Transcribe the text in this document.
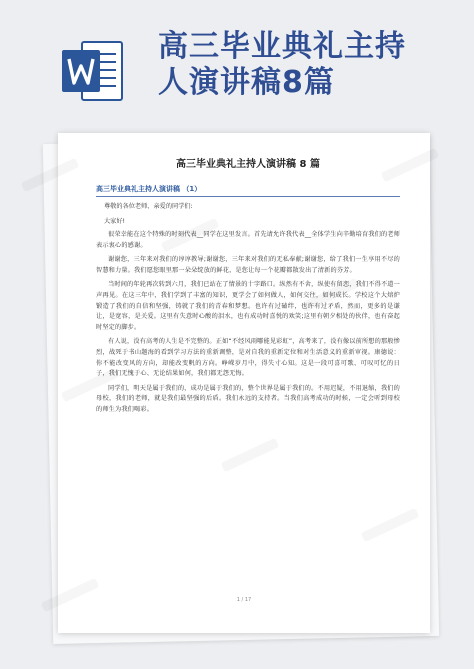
高三毕业典礼主持
人演讲稿8篇
高三毕业典礼主持人演讲稿 8 篇
高三毕业典礼主持人演讲稿 （1）
尊敬的各位老师、亲爱的同学们:
大家好!

很荣幸能在这个特殊的时刻代表__同学在这里发言。首先请允许我代表__全体学生向辛勤培育我们的老师表示衷心的感谢。

谢谢您，三年来对我们的谆谆教导;谢谢您，三年来对我们的无私奉献;谢谢您，给了我们一生享用不尽的智慧和力量。我们愿您眼里那一朵朵绽放的鲜花，是您让每一个花瓣都散发出了清新的芬芳。

当时间的年轮再次转到六月，我们已站在了情景的十字路口。纵然有不舍，纵使有留恋，我们不得不道一声再见。在这三年中，我们学到了丰富的知识，更学会了如何做人，如何交往，如何成长。学校这个大熔炉锻造了我们的自信和坚强，铸就了我们的青春和梦想。也许有过磕绊，也许有过矛盾，然而，更多的是谦让，是宽容，是关爱。这里有失意时心酸的泪水，也有成功时喜悦的欢笑;这里有朝夕相处的伙伴，也有奋起时坚定的脚步。

有人说，没有高考的人生是不完整的。正如“不经风雨哪能见彩虹”，高考来了，没有像以前所想的那般惨烈，战死于书山题海的看到学习方法的重新调整，是对自我的重新定位和对生活意义的重新审视。康德说：你不能改变风的方向，却能改变帆的方向。峥嵘岁月中，得失寸心知。这是一段可喜可歌、可叹可忆的日子，我们无愧于心、无论结果如何，我们都无怨无悔。

同学们，明天是属于我们的，成功是属于我们的，整个世界是属于我们的。不用迟疑，不用退缩，我们的母校，我们的老师，就是我们最坚强的后盾。我们永远的支持者。当我们高考成功的时候，一定会听到母校的师生为我们喝彩。

1 / 17
